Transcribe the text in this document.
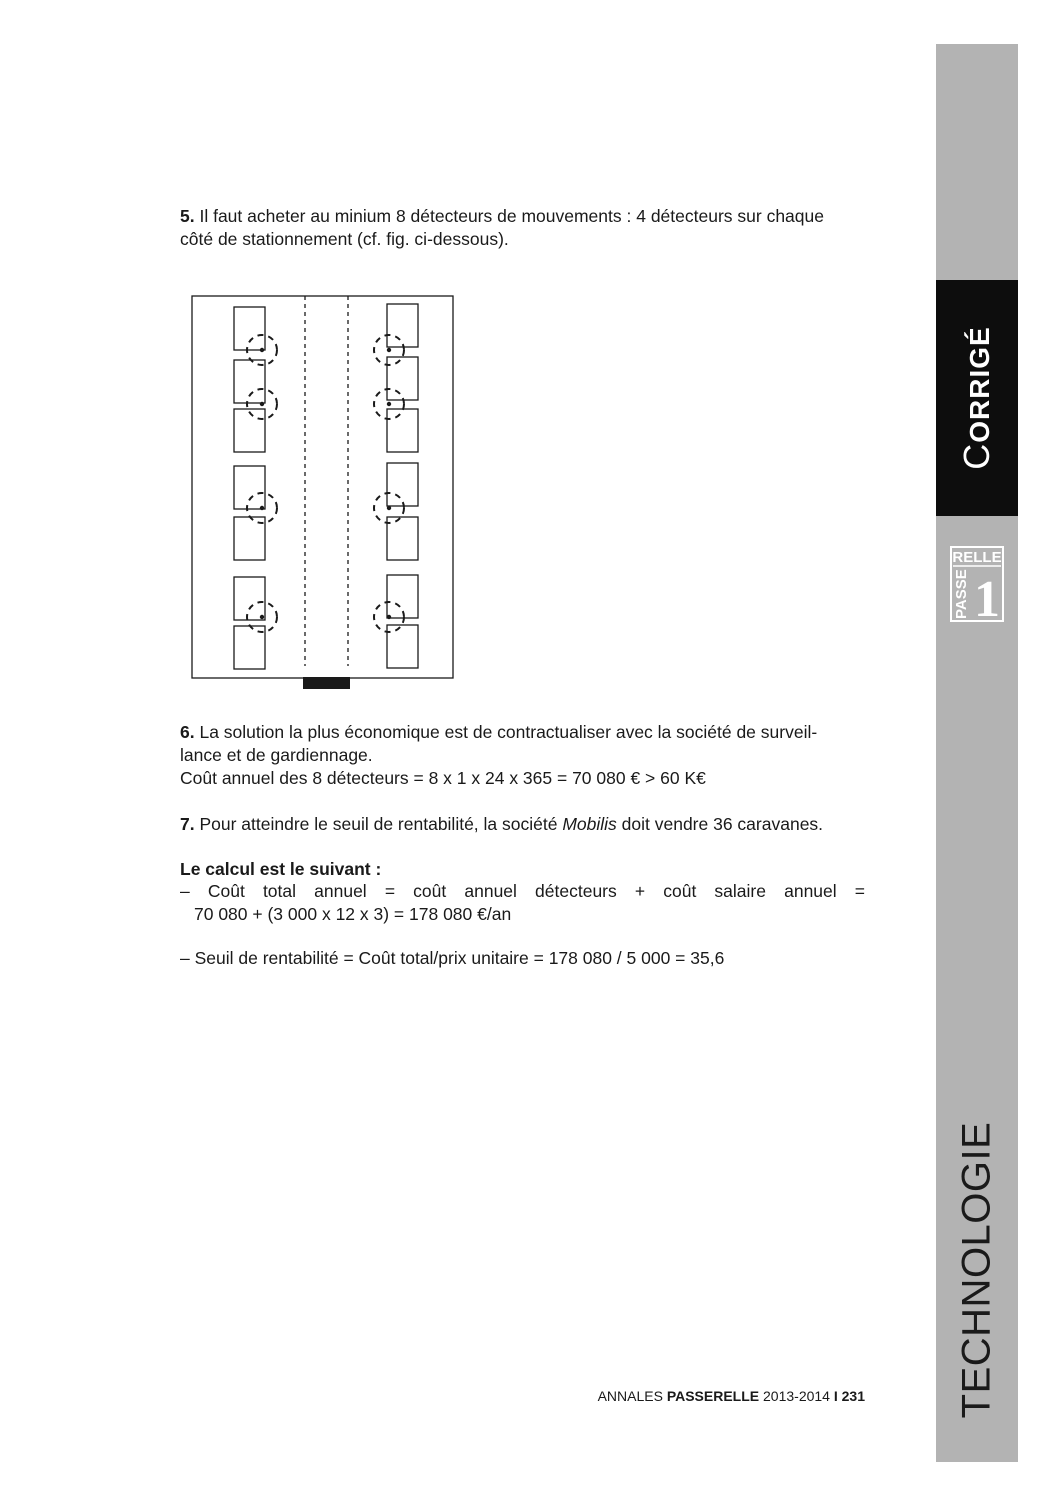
CORRIGÉ
RELLE
PASSE 1
TECHNOLOGIE

5. Il faut acheter au minium 8 détecteurs de mouvements : 4 détecteurs sur chaque
côté de stationnement (cf. fig. ci-dessous).

6. La solution la plus économique est de contractualiser avec la société de surveil-
lance et de gardiennage.
Coût annuel des 8 détecteurs = 8 x 1 x 24 x 365 = 70 080 € > 60 K€

7. Pour atteindre le seuil de rentabilité, la société Mobilis doit vendre 36 caravanes.

Le calcul est le suivant :

– Coût total annuel = coût annuel détecteurs + coût salaire annuel =

70 080 + (3 000 x 12 x 3) = 178 080 €/an

– Seuil de rentabilité = Coût total/prix unitaire = 178 080 / 5 000 = 35,6

ANNALES PASSERELLE 2013-2014 I 231
